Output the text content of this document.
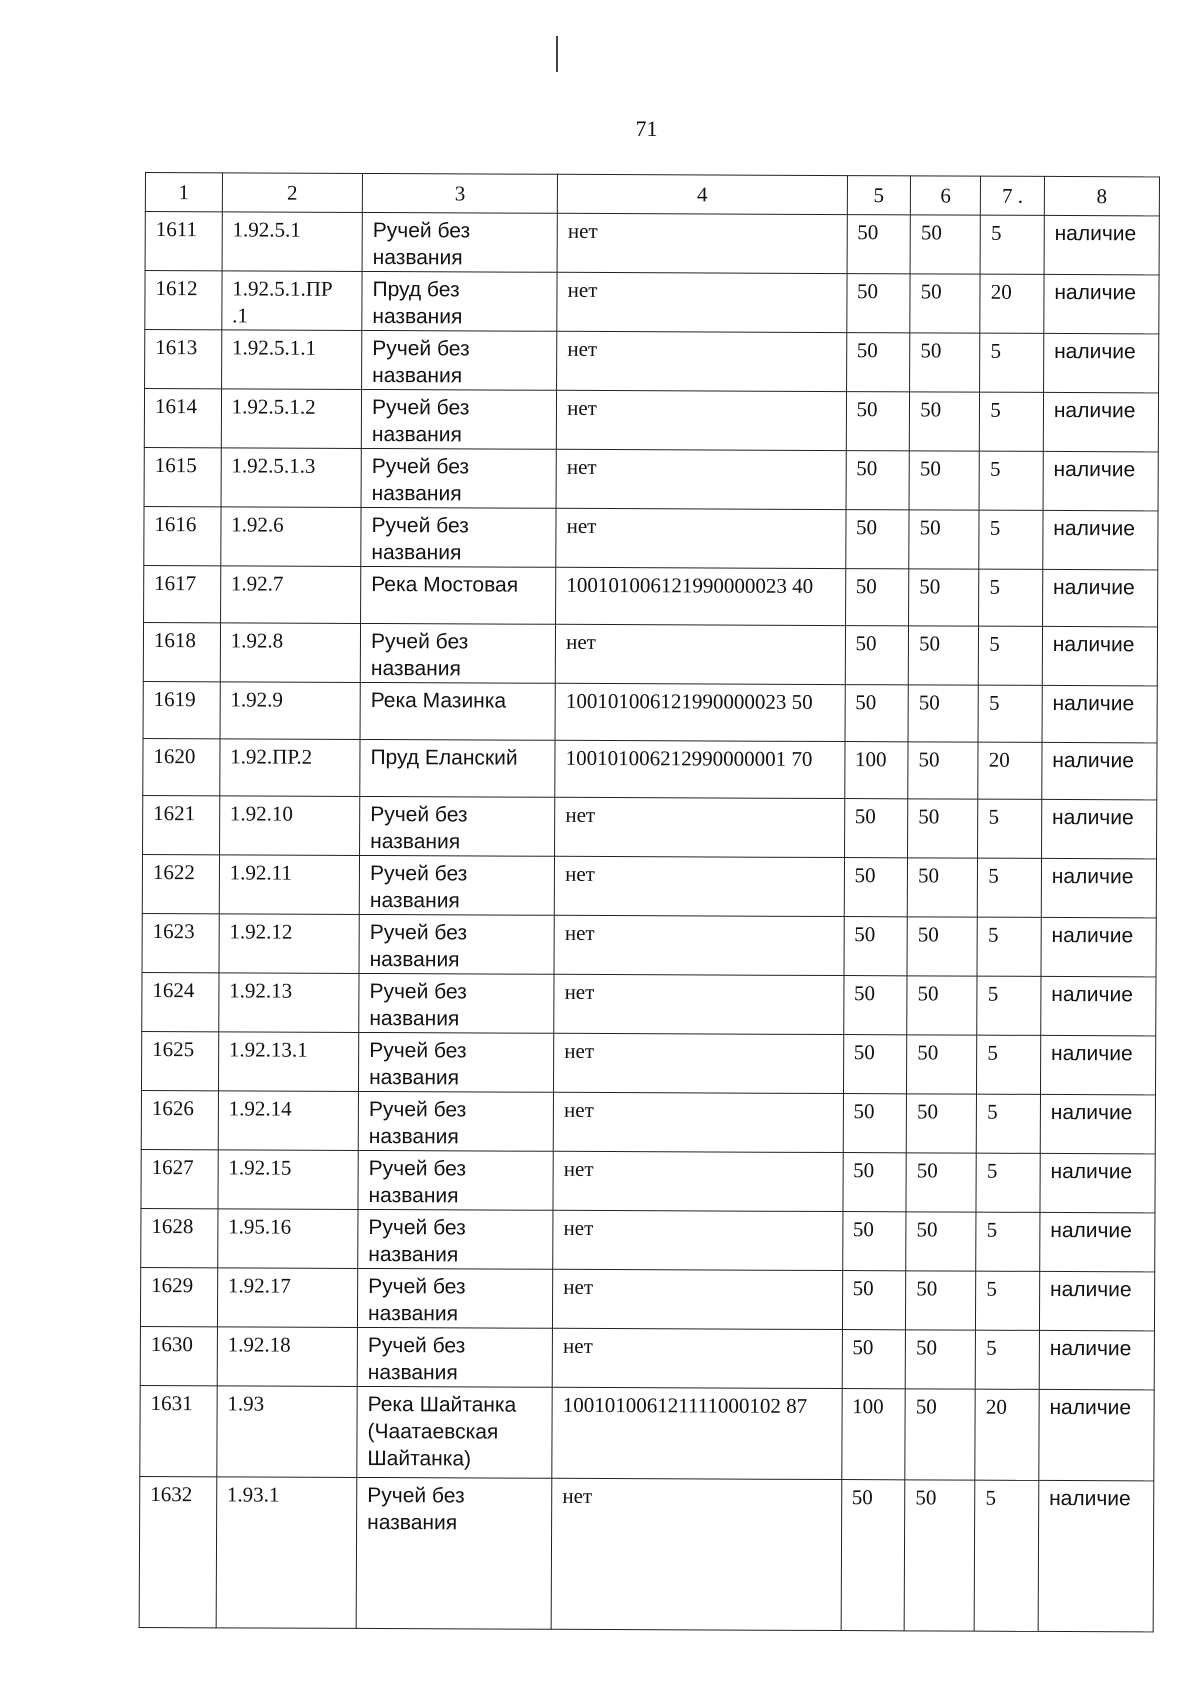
71
1	2	3	4	5	6	7 .	8
1611	1.92.5.1	Ручей без названия	нет	50	50	5	наличие
1612	1.92.5.1.ПР .1	Пруд без названия	нет	50	50	20	наличие
1613	1.92.5.1.1	Ручей без названия	нет	50	50	5	наличие
1614	1.92.5.1.2	Ручей без названия	нет	50	50	5	наличие
1615	1.92.5.1.3	Ручей без названия	нет	50	50	5	наличие
1616	1.92.6	Ручей без названия	нет	50	50	5	наличие
1617	1.92.7	Река Мостовая	100101006121990000023 40	50	50	5	наличие
1618	1.92.8	Ручей без названия	нет	50	50	5	наличие
1619	1.92.9	Река Мазинка	100101006121990000023 50	50	50	5	наличие
1620	1.92.ПР.2	Пруд Еланский	100101006212990000001 70	100	50	20	наличие
1621	1.92.10	Ручей без названия	нет	50	50	5	наличие
1622	1.92.11	Ручей без названия	нет	50	50	5	наличие
1623	1.92.12	Ручей без названия	нет	50	50	5	наличие
1624	1.92.13	Ручей без названия	нет	50	50	5	наличие
1625	1.92.13.1	Ручей без названия	нет	50	50	5	наличие
1626	1.92.14	Ручей без названия	нет	50	50	5	наличие
1627	1.92.15	Ручей без названия	нет	50	50	5	наличие
1628	1.95.16	Ручей без названия	нет	50	50	5	наличие
1629	1.92.17	Ручей без названия	нет	50	50	5	наличие
1630	1.92.18	Ручей без названия	нет	50	50	5	наличие
1631	1.93	Река Шайтанка (Чаатаевская Шайтанка)	100101006121111000102 87	100	50	20	наличие
1632	1.93.1	Ручей без названия	нет	50	50	5	наличие
